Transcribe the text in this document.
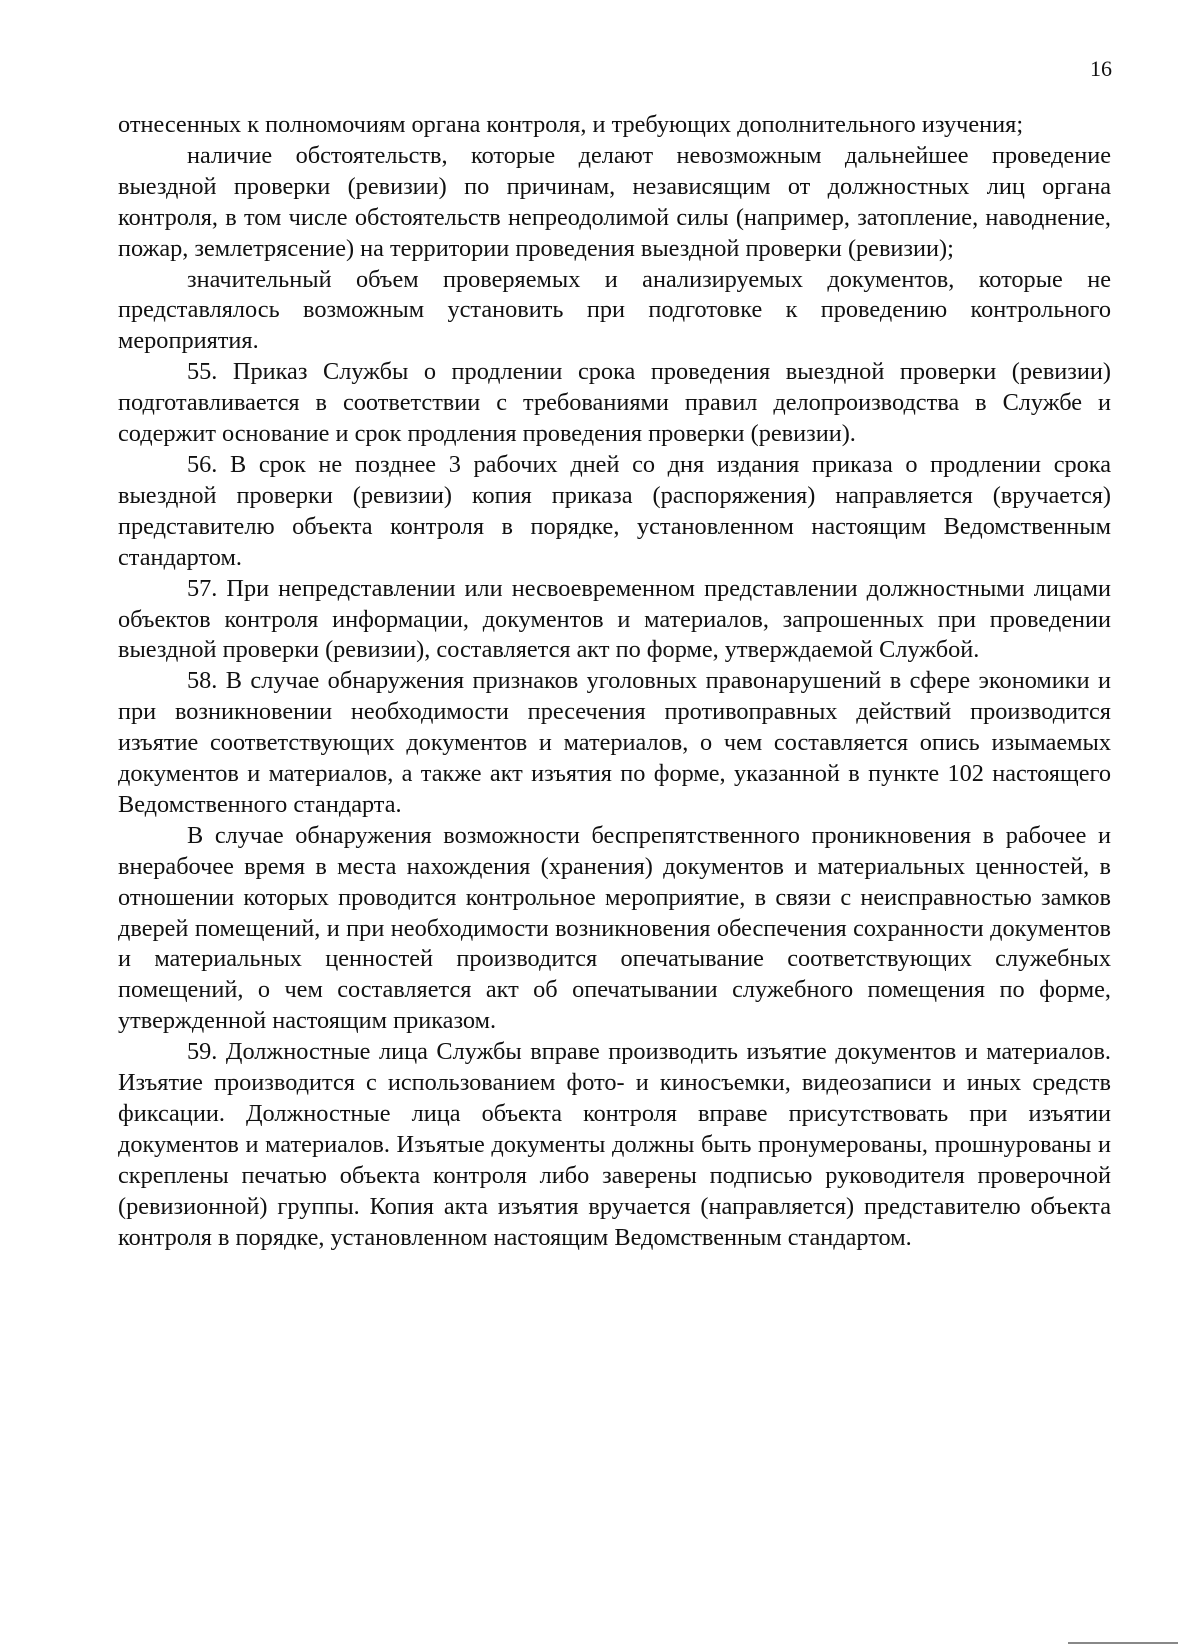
16

отнесенных к полномочиям органа контроля, и требующих дополнительного изучения;

наличие обстоятельств, которые делают невозможным дальнейшее проведение выездной проверки (ревизии) по причинам, независящим от должностных лиц органа контроля, в том числе обстоятельств непреодолимой силы (например, затопление, наводнение, пожар, землетрясение) на территории проведения выездной проверки (ревизии);

значительный объем проверяемых и анализируемых документов, которые не представлялось возможным установить при подготовке к проведению контрольного мероприятия.

55. Приказ Службы о продлении срока проведения выездной проверки (ревизии) подготавливается в соответствии с требованиями правил делопроизводства в Службе и содержит основание и срок продления проведения проверки (ревизии).

56. В срок не позднее 3 рабочих дней со дня издания приказа о продлении срока выездной проверки (ревизии) копия приказа (распоряжения) направляется (вручается) представителю объекта контроля в порядке, установленном настоящим Ведомственным стандартом.

57. При непредставлении или несвоевременном представлении должностными лицами объектов контроля информации, документов и материалов, запрошенных при проведении выездной проверки (ревизии), составляется акт по форме, утверждаемой Службой.

58. В случае обнаружения признаков уголовных правонарушений в сфере экономики и при возникновении необходимости пресечения противоправных действий производится изъятие соответствующих документов и материалов, о чем составляется опись изымаемых документов и материалов, а также акт изъятия по форме, указанной в пункте 102 настоящего Ведомственного стандарта.

В случае обнаружения возможности беспрепятственного проникновения в рабочее и внерабочее время в места нахождения (хранения) документов и материальных ценностей, в отношении которых проводится контрольное мероприятие, в связи с неисправностью замков дверей помещений, и при необходимости возникновения обеспечения сохранности документов и материальных ценностей производится опечатывание соответствующих служебных помещений, о чем составляется акт об опечатывании служебного помещения по форме, утвержденной настоящим приказом.

59. Должностные лица Службы вправе производить изъятие документов и материалов. Изъятие производится с использованием фото- и киносъемки, видеозаписи и иных средств фиксации. Должностные лица объекта контроля вправе присутствовать при изъятии документов и материалов. Изъятые документы должны быть пронумерованы, прошнурованы и скреплены печатью объекта контроля либо заверены подписью руководителя проверочной (ревизионной) группы. Копия акта изъятия вручается (направляется) представителю объекта контроля в порядке, установленном настоящим Ведомственным стандартом.
